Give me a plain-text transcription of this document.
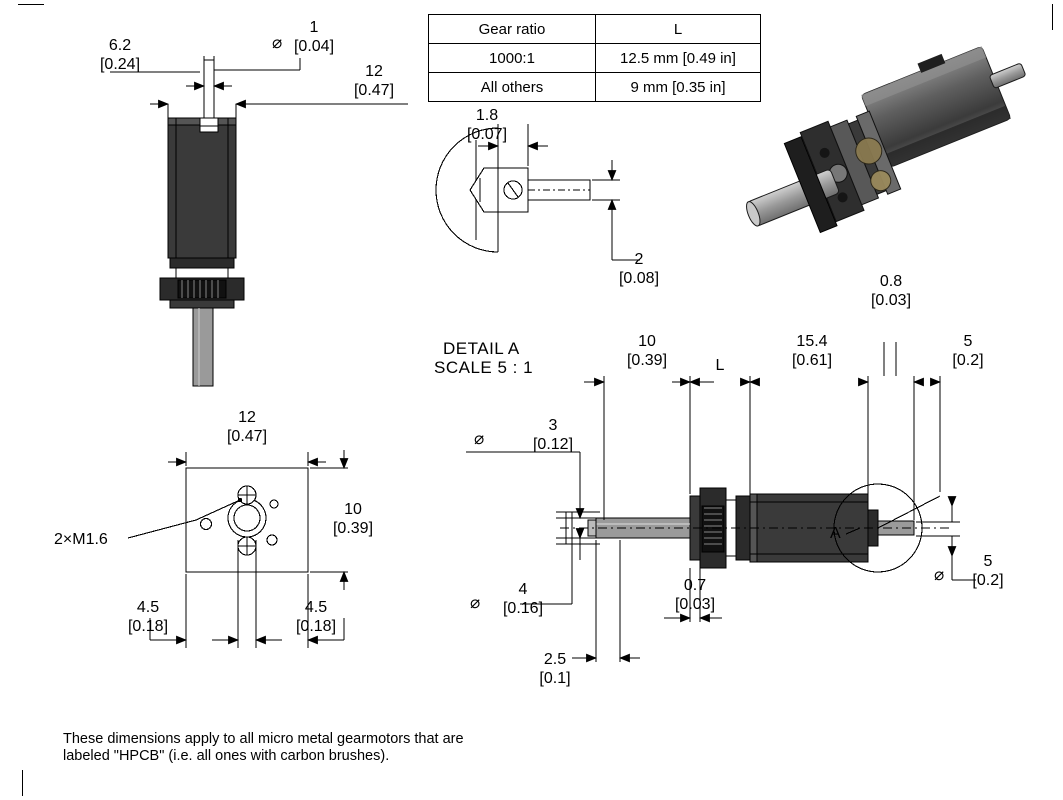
Gear ratio	L
1000:1	12.5 mm [0.49 in]
All others	9 mm [0.35 in]
6.2
[0.24]
⌀
1
[0.04]
12
[0.47]
1.8
[0.07]
2
[0.08]
DETAIL A
SCALE 5 : 1
12
[0.47]
10
[0.39]
4.5
[0.18]
4.5
[0.18]
2×M1.6
10
[0.39]	L
15.4
[0.61]
5
[0.2]
0.8
[0.03]
⌀
3
[0.12]
⌀
4
[0.16]
0.7
[0.03]
2.5
[0.1]
⌀
5
[0.2]
A
These dimensions apply to all micro metal gearmotors that are
labeled "HPCB" (i.e. all ones with carbon brushes).
